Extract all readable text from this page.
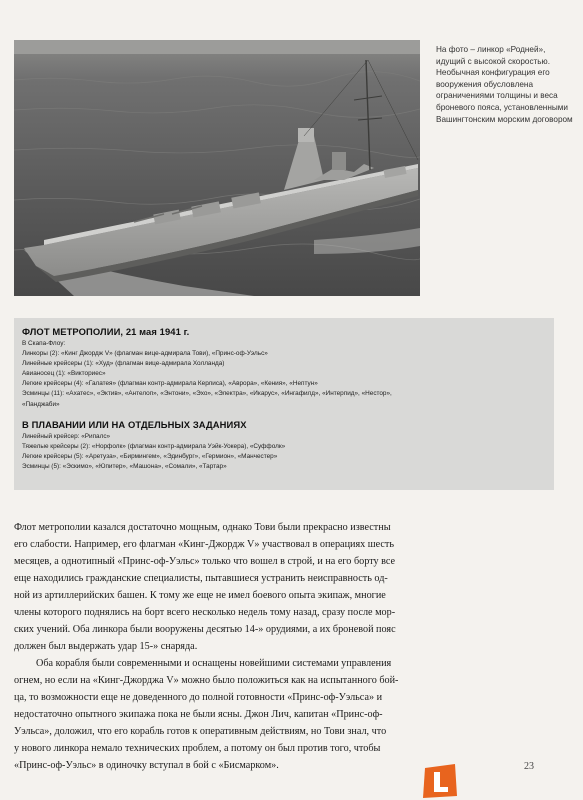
На фото – линкор «Родней», идущий с высокой скоростью. Необычная конфигурация его вооружения обусловлена ограничениями толщины и веса броневого пояса, установленными Вашингтонским морским договором
ФЛОТ МЕТРОПОЛИИ, 21 мая 1941 г.
В Скапа-Флоу:
Линкоры (2): «Кинг Джордж V» (флагман вице-адмирала Тови), «Принс-оф-Уэльс»
Линейные крейсеры (1): «Худ» (флагман вице-адмирала Холланда)
Авианосец (1): «Викториес»
Легкие крейсеры (4): «Галатея» (флагман контр-адмирала Керлиса), «Аврора», «Кения», «Нептун»
Эсминцы (11): «Ахатес», «Эктив», «Антелоп», «Энтони», «Эхо», «Электра», «Икарус», «Ингафилд», «Интерпид», «Нестор»,
«Панджаби»
В ПЛАВАНИИ ИЛИ НА ОТДЕЛЬНЫХ ЗАДАНИЯХ
Линейный крейсер: «Рипалс»
Тяжелые крейсеры (2): «Норфолк» (флагман контр-адмирала Уэйк-Уокера), «Суффолк»
Легкие крейсеры (5): «Аретуза», «Бирмингем», «Эдинбург», «Гермион», «Манчестер»
Эсминцы (5): «Эскимо», «Юпитер», «Машона», «Сомали», «Тартар»

Флот метрополии казался достаточно мощным, однако Тови были прекрасно известны

его слабости. Например, его флагман «Кинг-Джордж V» участвовал в операциях шесть

месяцев, а однотипный «Принс-оф-Уэльс» только что вошел в строй, и на его борту все

еще находились гражданские специалисты, пытавшиеся устранить неисправность од-

ной из артиллерийских башен. К тому же еще не имел боевого опыта экипаж, многие

члены которого поднялись на борт всего несколько недель тому назад, сразу после мор-

ских учений. Оба линкора были вооружены десятью 14-» орудиями, а их броневой пояс

должен был выдержать удар 15-» снаряда.

Оба корабля были современными и оснащены новейшими системами управления

огнем, но если на «Кинг-Джорджа V» можно было положиться как на испытанного бой-

ца, то возможности еще не доведенного до полной готовности «Принс-оф-Уэльса» и

недостаточно опытного экипажа пока не были ясны. Джон Лич, капитан «Принс-оф-

Уэльса», доложил, что его корабль готов к оперативным действиям, но Тови знал, что

у нового линкора немало технических проблем, а потому он был против того, чтобы

«Принс-оф-Уэльс» в одиночку вступал в бой с «Бисмарком».	23
